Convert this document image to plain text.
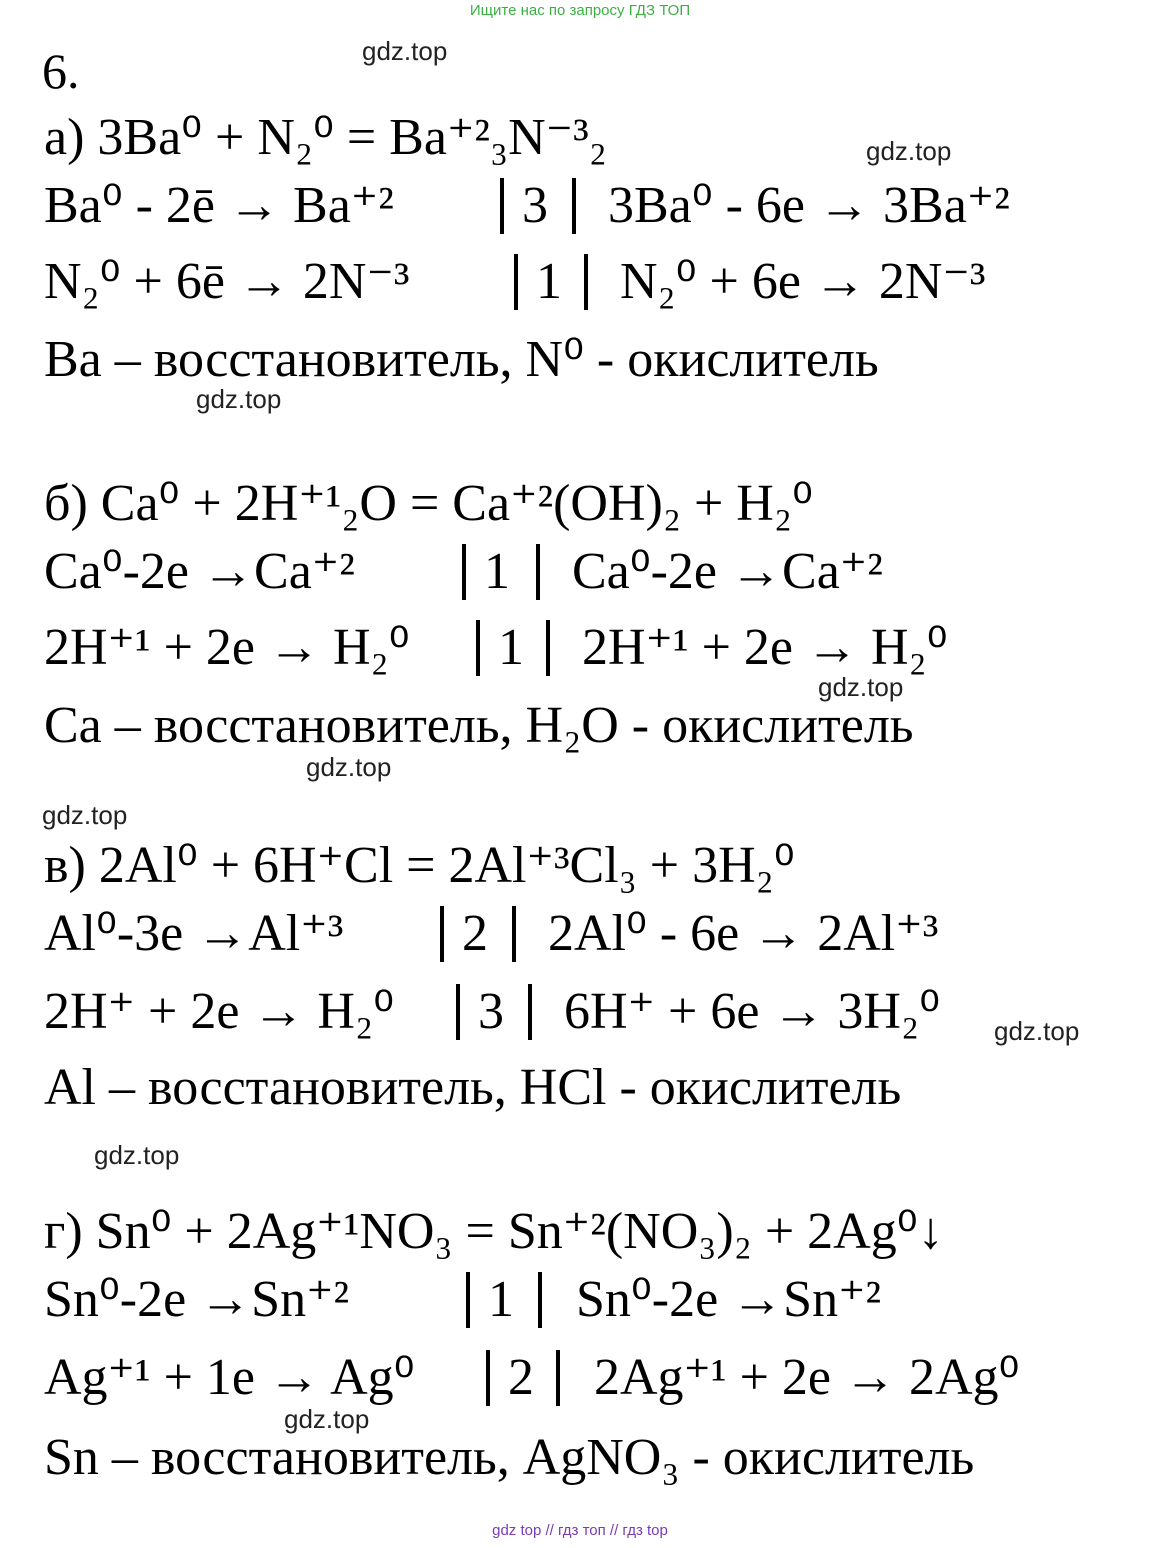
Ищите нас по запросу ГДЗ ТОП
6.	gdz.top
gdz.top
gdz.top
gdz.top
gdz.top
gdz.top
gdz.top
gdz.top
gdz.top
а) 3Ba⁰ + N₂⁰ = Ba⁺²₃N⁻³₂
Ba⁰ - 2ē → Ba⁺² 3 3Ba⁰ - 6e → 3Ba⁺²
N₂⁰ + 6ē → 2N⁻³ 1 N₂⁰ + 6e → 2N⁻³
Ba – восстановитель, N⁰ - окислитель
б) Ca⁰ + 2H⁺¹₂O = Ca⁺²(OH)₂ + H₂⁰
Ca⁰-2e →Ca⁺² 1 Ca⁰-2e →Ca⁺²
2H⁺¹ + 2e → H₂⁰ 1 2H⁺¹ + 2e → H₂⁰
Ca – восстановитель, H₂O - окислитель
в) 2Al⁰ + 6H⁺Cl = 2Al⁺³Cl₃ + 3H₂⁰
Al⁰-3e →Al⁺³ 2 2Al⁰ - 6e → 2Al⁺³
2H⁺ + 2e → H₂⁰ 3 6H⁺ + 6e → 3H₂⁰
Al – восстановитель, HCl - окислитель
г) Sn⁰ + 2Ag⁺¹NO₃ = Sn⁺²(NO₃)₂ + 2Ag⁰↓
Sn⁰-2e →Sn⁺²	1 Sn⁰-2e →Sn⁺²
Ag⁺¹ + 1e → Ag⁰ 2 2Ag⁺¹ + 2e → 2Ag⁰
Sn – восстановитель, AgNO₃ - окислитель
gdz top // гдз топ // гдз top
